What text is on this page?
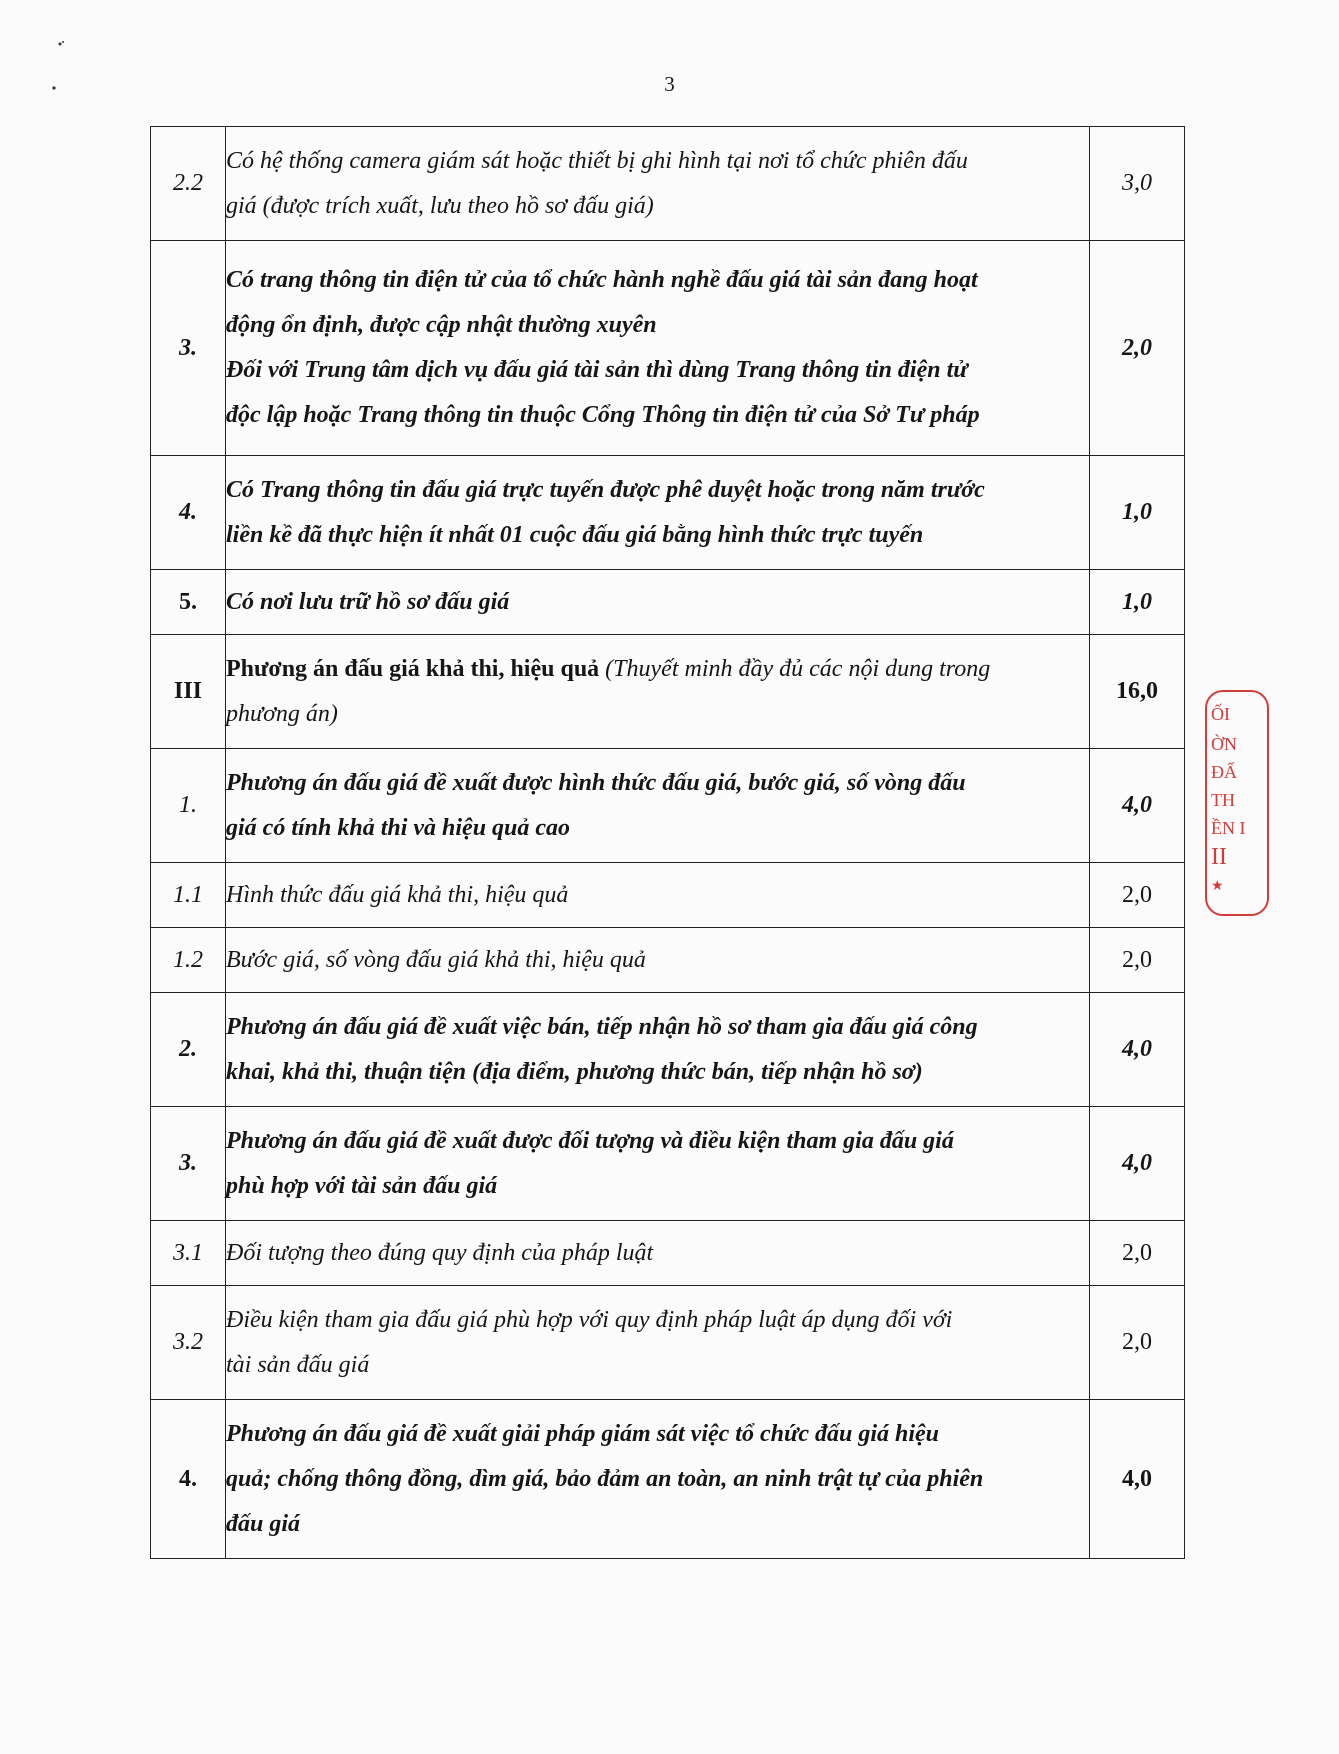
3
2.2	Có hệ thống camera giám sát hoặc thiết bị ghi hình tại nơi tổ chức phiên đấu
giá (được trích xuất, lưu theo hồ sơ đấu giá)	3,0
3.	Có trang thông tin điện tử của tổ chức hành nghề đấu giá tài sản đang hoạt
động ổn định, được cập nhật thường xuyên
Đối với Trung tâm dịch vụ đấu giá tài sản thì dùng Trang thông tin điện tử
độc lập hoặc Trang thông tin thuộc Cổng Thông tin điện tử của Sở Tư pháp	2,0
4.	Có Trang thông tin đấu giá trực tuyến được phê duyệt hoặc trong năm trước
liền kề đã thực hiện ít nhất 01 cuộc đấu giá bằng hình thức trực tuyến	1,0
5.	Có nơi lưu trữ hồ sơ đấu giá	1,0
III	Phương án đấu giá khả thi, hiệu quả (Thuyết minh đầy đủ các nội dung trong
phương án)	16,0
1.	Phương án đấu giá đề xuất được hình thức đấu giá, bước giá, số vòng đấu
giá có tính khả thi và hiệu quả cao	4,0
1.1	Hình thức đấu giá khả thi, hiệu quả	2,0
1.2	Bước giá, số vòng đấu giá khả thi, hiệu quả	2,0
2.	Phương án đấu giá đề xuất việc bán, tiếp nhận hồ sơ tham gia đấu giá công
khai, khả thi, thuận tiện (địa điểm, phương thức bán, tiếp nhận hồ sơ)	4,0
3.	Phương án đấu giá đề xuất được đối tượng và điều kiện tham gia đấu giá
phù hợp với tài sản đấu giá	4,0
3.1	Đối tượng theo đúng quy định của pháp luật	2,0
3.2	Điều kiện tham gia đấu giá phù hợp với quy định pháp luật áp dụng đối với
tài sản đấu giá	2,0
4.	Phương án đấu giá đề xuất giải pháp giám sát việc tổ chức đấu giá hiệu
quả; chống thông đồng, dìm giá, bảo đảm an toàn, an ninh trật tự của phiên
đấu giá	4,0
ỐI
ỜN
ĐẤ
TH
ỀN I
II
★
